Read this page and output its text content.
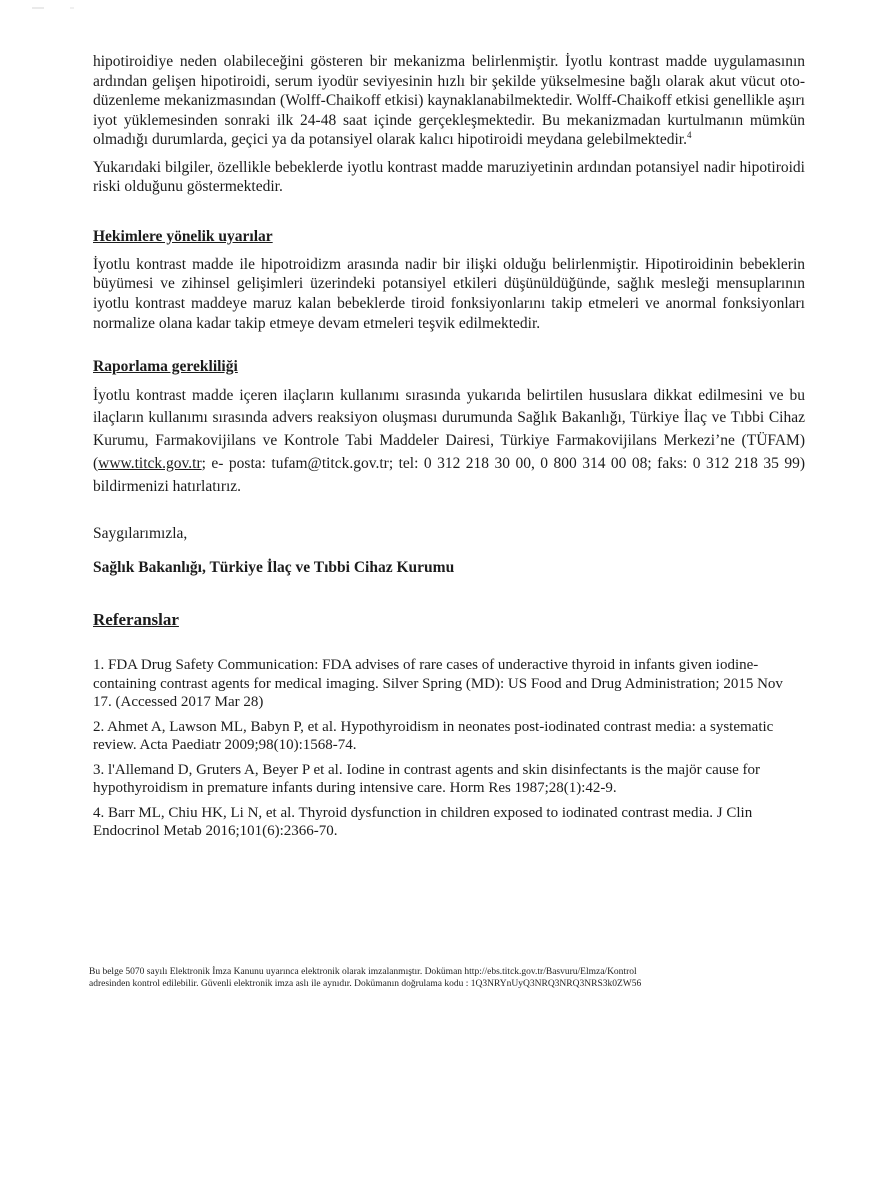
hipotiroidiye neden olabileceğini gösteren bir mekanizma belirlenmiştir. İyotlu kontrast madde uygulamasının ardından gelişen hipotiroidi, serum iyodür seviyesinin hızlı bir şekilde yükselmesine bağlı olarak akut vücut oto-düzenleme mekanizmasından (Wolff-Chaikoff etkisi) kaynaklanabilmektedir. Wolff-Chaikoff etkisi genellikle aşırı iyot yüklemesinden sonraki ilk 24-48 saat içinde gerçekleşmektedir. Bu mekanizmadan kurtulmanın mümkün olmadığı durumlarda, geçici ya da potansiyel olarak kalıcı hipotiroidi meydana gelebilmektedir.$^4$

Yukarıdaki bilgiler, özellikle bebeklerde iyotlu kontrast madde maruziyetinin ardından potansiyel nadir hipotiroidi riski olduğunu göstermektedir.

Hekimlere yönelik uyarılar

İyotlu kontrast madde ile hipotroidizm arasında nadir bir ilişki olduğu belirlenmiştir. Hipotiroidinin bebeklerin büyümesi ve zihinsel gelişimleri üzerindeki potansiyel etkileri düşünüldüğünde, sağlık mesleği mensuplarının iyotlu kontrast maddeye maruz kalan bebeklerde tiroid fonksiyonlarını takip etmeleri ve anormal fonksiyonları normalize olana kadar takip etmeye devam etmeleri teşvik edilmektedir.

Raporlama gerekliliği

İyotlu kontrast madde içeren ilaçların kullanımı sırasında yukarıda belirtilen hususlara dikkat edilmesini ve bu ilaçların kullanımı sırasında advers reaksiyon oluşması durumunda Sağlık Bakanlığı, Türkiye İlaç ve Tıbbi Cihaz Kurumu, Farmakovijilans ve Kontrole Tabi Maddeler Dairesi, Türkiye Farmakovijilans Merkezi’ne (TÜFAM) (www.titck.gov.tr; e- posta: tufam@titck.gov.tr; tel: 0 312 218 30 00, 0 800 314 00 08; faks: 0 312 218 35 99) bildirmenizi hatırlatırız.

Saygılarımızla,

Sağlık Bakanlığı, Türkiye İlaç ve Tıbbi Cihaz Kurumu

Referanslar

1. FDA Drug Safety Communication: FDA advises of rare cases of underactive thyroid in infants given iodine-containing contrast agents for medical imaging. Silver Spring (MD): US Food and Drug Administration; 2015 Nov 17. (Accessed 2017 Mar 28)
2. Ahmet A, Lawson ML, Babyn P, et al. Hypothyroidism in neonates post-iodinated contrast media: a systematic review. Acta Paediatr 2009;98(10):1568-74.
3. l'Allemand D, Gruters A, Beyer P et al. Iodine in contrast agents and skin disinfectants is the majör cause for hypothyroidism in premature infants during intensive care. Horm Res 1987;28(1):42-9.
4. Barr ML, Chiu HK, Li N, et al. Thyroid dysfunction in children exposed to iodinated contrast media. J Clin Endocrinol Metab 2016;101(6):2366-70.
Bu belge 5070 sayılı Elektronik İmza Kanunu uyarınca elektronik olarak imzalanmıştır. Doküman http://ebs.titck.gov.tr/Basvuru/Elmza/Kontrol
adresinden kontrol edilebilir. Güvenli elektronik imza aslı ile aynıdır. Dokümanın doğrulama kodu : 1Q3NRYnUyQ3NRQ3NRQ3NRS3k0ZW56
